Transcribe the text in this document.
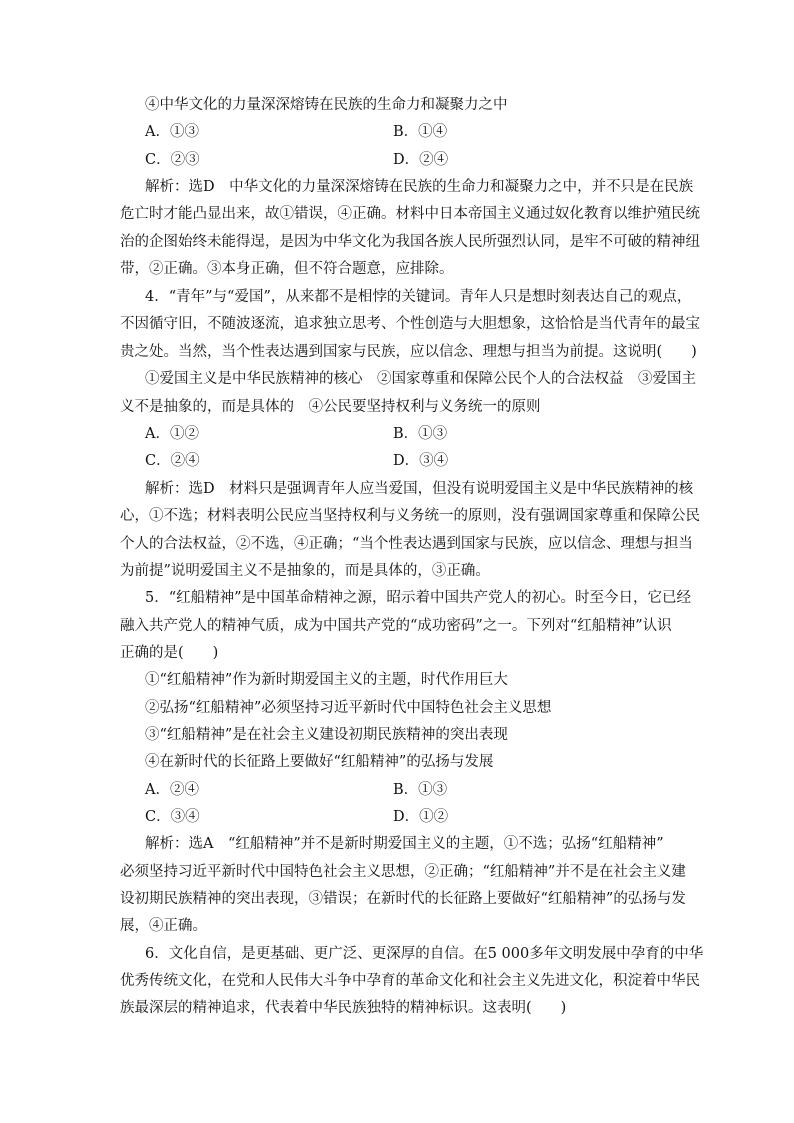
④中华文化的力量深深熔铸在民族的生命力和凝聚力之中
A．①③	B．①④
C．②③	D．②④
解析：选D　中华文化的力量深深熔铸在民族的生命力和凝聚力之中，并不只是在民族
危亡时才能凸显出来，故①错误，④正确。材料中日本帝国主义通过奴化教育以维护殖民统
治的企图始终未能得逞，是因为中华文化为我国各族人民所强烈认同，是牢不可破的精神纽
带，②正确。③本身正确，但不符合题意，应排除。
4．“青年”与“爱国”，从来都不是相悖的关键词。青年人只是想时刻表达自己的观点，
不因循守旧，不随波逐流，追求独立思考、个性创造与大胆想象，这恰恰是当代青年的最宝
贵之处。当然，当个性表达遇到国家与民族，应以信念、理想与担当为前提。这说明(　　)
①爱国主义是中华民族精神的核心　②国家尊重和保障公民个人的合法权益　③爱国主
义不是抽象的，而是具体的　④公民要坚持权利与义务统一的原则
A．①②	B．①③
C．②④	D．③④
解析：选D　材料只是强调青年人应当爱国，但没有说明爱国主义是中华民族精神的核
心，①不选；材料表明公民应当坚持权利与义务统一的原则，没有强调国家尊重和保障公民
个人的合法权益，②不选，④正确；“当个性表达遇到国家与民族，应以信念、理想与担当
为前提”说明爱国主义不是抽象的，而是具体的，③正确。
5．“红船精神”是中国革命精神之源，昭示着中国共产党人的初心。时至今日，它已经
融入共产党人的精神气质，成为中国共产党的“成功密码”之一。下列对“红船精神”认识
正确的是(　　)
①“红船精神”作为新时期爱国主义的主题，时代作用巨大
②弘扬“红船精神”必须坚持习近平新时代中国特色社会主义思想
③“红船精神”是在社会主义建设初期民族精神的突出表现
④在新时代的长征路上要做好“红船精神”的弘扬与发展
A．②④	B．①③
C．③④	D．①②
解析：选A　“红船精神”并不是新时期爱国主义的主题，①不选；弘扬“红船精神”
必须坚持习近平新时代中国特色社会主义思想，②正确；“红船精神”并不是在社会主义建
设初期民族精神的突出表现，③错误；在新时代的长征路上要做好“红船精神”的弘扬与发
展，④正确。
6．文化自信，是更基础、更广泛、更深厚的自信。在5 000多年文明发展中孕育的中华
优秀传统文化，在党和人民伟大斗争中孕育的革命文化和社会主义先进文化，积淀着中华民
族最深层的精神追求，代表着中华民族独特的精神标识。这表明(　　)
